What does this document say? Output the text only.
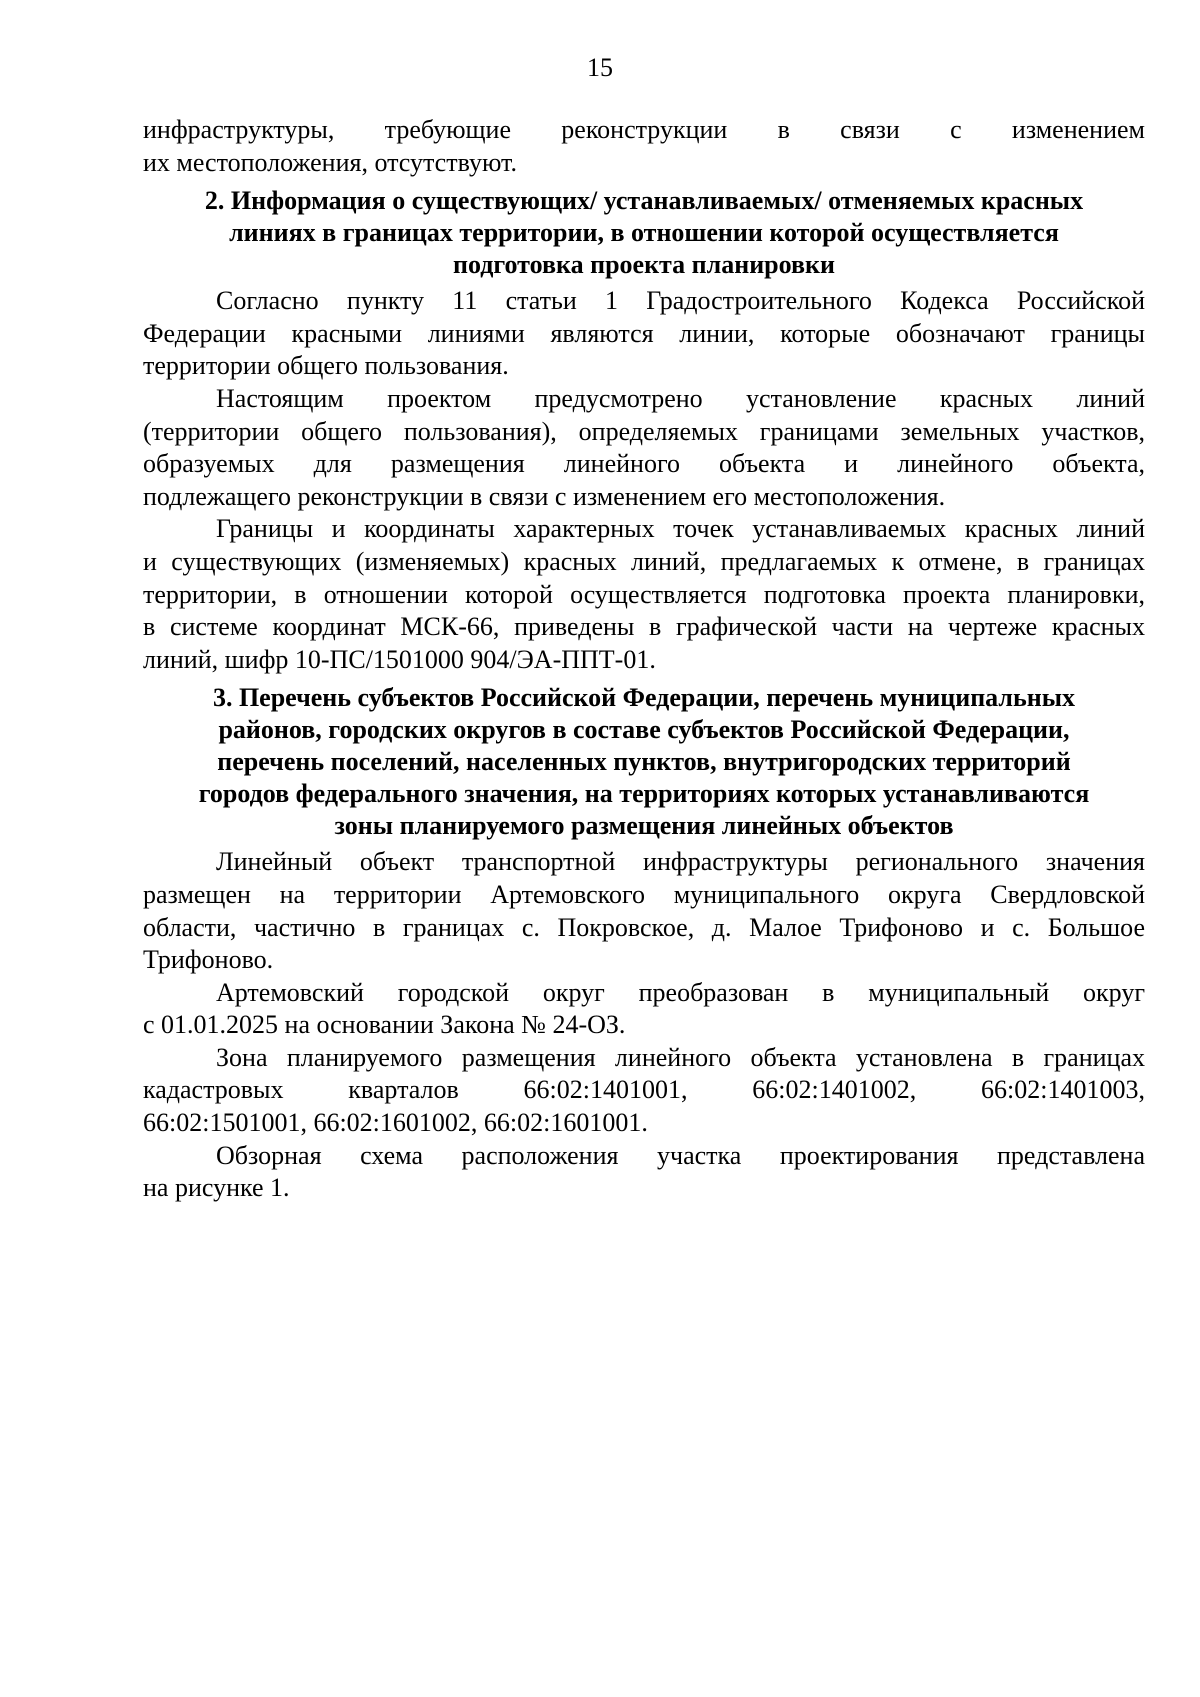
15

инфраструктуры, требующие реконструкции в связи с изменением
их местоположения, отсутствуют.

2. Информация о существующих/ устанавливаемых/ отменяемых красных
линиях в границах территории, в отношении которой осуществляется
подготовка проекта планировки

Согласно пункту 11 статьи 1 Градостроительного Кодекса Российской
Федерации красными линиями являются линии, которые обозначают границы
территории общего пользования.

Настоящим проектом предусмотрено установление красных линий
(территории общего пользования), определяемых границами земельных участков,
образуемых для размещения линейного объекта и линейного объекта,
подлежащего реконструкции в связи с изменением его местоположения.

Границы и координаты характерных точек устанавливаемых красных линий
и существующих (изменяемых) красных линий, предлагаемых к отмене, в границах
территории, в отношении которой осуществляется подготовка проекта планировки,
в системе координат МСК-66, приведены в графической части на чертеже красных
линий, шифр 10-ПС/1501000 904/ЭА-ППТ-01.

3. Перечень субъектов Российской Федерации, перечень муниципальных
районов, городских округов в составе субъектов Российской Федерации,
перечень поселений, населенных пунктов, внутригородских территорий
городов федерального значения, на территориях которых устанавливаются
зоны планируемого размещения линейных объектов

Линейный объект транспортной инфраструктуры регионального значения
размещен на территории Артемовского муниципального округа Свердловской
области, частично в границах с. Покровское, д. Малое Трифоново и с. Большое
Трифоново.

Артемовский городской округ преобразован в муниципальный округ
с 01.01.2025 на основании Закона № 24-ОЗ.

Зона планируемого размещения линейного объекта установлена в границах
кадастровых кварталов 66:02:1401001, 66:02:1401002, 66:02:1401003,
66:02:1501001, 66:02:1601002, 66:02:1601001.

Обзорная схема расположения участка проектирования представлена
на рисунке 1.
